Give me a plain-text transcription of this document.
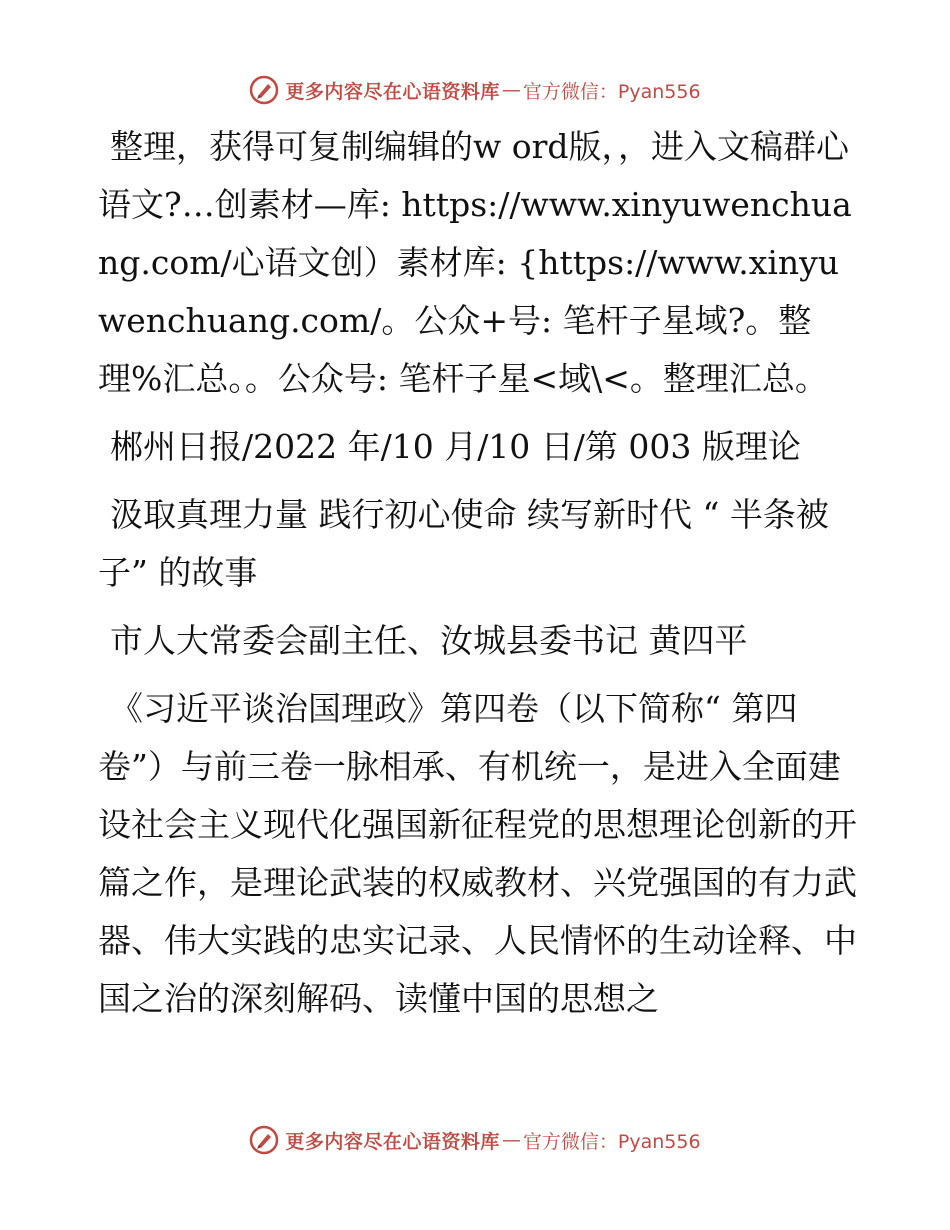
更多内容尽在心语资料库 — 官方微信：Pyan556

整理，获得可复制编辑的w ord版，，进入文稿群心语文?…创素材—库: https://www.xinyuwenchuang.com/心语文创）素材库: {https://www.xinyuwenchuang.com/。公众+号: 笔杆子星域?。整理%汇总。。公众号: 笔杆子星<域\<。整理汇总。

郴州日报/2022 年/10 月/10 日/第 003 版理论

汲取真理力量 践行初心使命 续写新时代 “ 半条被子” 的故事

市人大常委会副主任、汝城县委书记 黄四平

《习近平谈治国理政》第四卷（以下简称“ 第四卷”）与前三卷一脉相承、有机统一，是进入全面建设社会主义现代化强国新征程党的思想理论创新的开篇之作，是理论武装的权威教材、兴党强国的有力武器、伟大实践的忠实记录、人民情怀的生动诠释、中国之治的深刻解码、读懂中国的思想之

更多内容尽在心语资料库 — 官方微信：Pyan556
